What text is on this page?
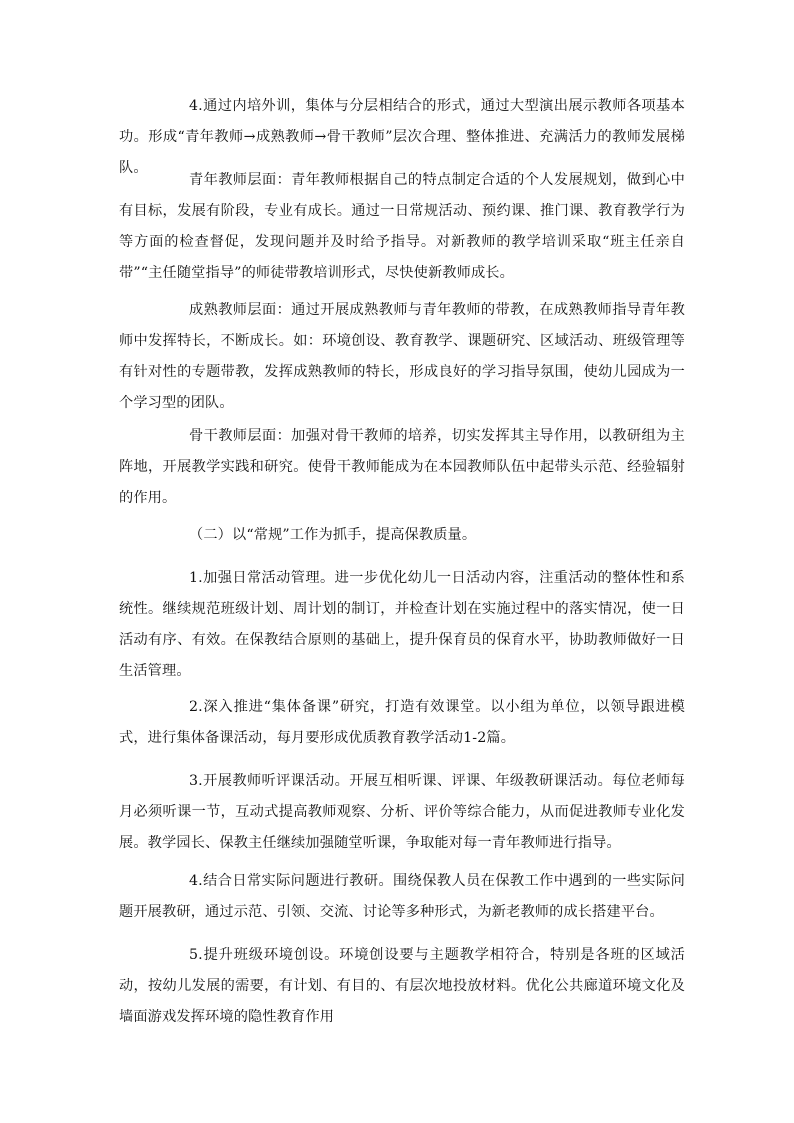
4.通过内培外训，集体与分层相结合的形式，通过大型演出展示教师各项基本功。形成“青年教师→成熟教师→骨干教师”层次合理、整体推进、充满活力的教师发展梯队。

青年教师层面：青年教师根据自己的特点制定合适的个人发展规划，做到心中有目标，发展有阶段，专业有成长。通过一日常规活动、预约课、推门课、教育教学行为等方面的检查督促，发现问题并及时给予指导。对新教师的教学培训采取“班主任亲自带”“主任随堂指导”的师徒带教培训形式，尽快使新教师成长。

成熟教师层面：通过开展成熟教师与青年教师的带教，在成熟教师指导青年教师中发挥特长，不断成长。如：环境创设、教育教学、课题研究、区域活动、班级管理等有针对性的专题带教，发挥成熟教师的特长，形成良好的学习指导氛围，使幼儿园成为一个学习型的团队。

骨干教师层面：加强对骨干教师的培养，切实发挥其主导作用，以教研组为主阵地，开展教学实践和研究。使骨干教师能成为在本园教师队伍中起带头示范、经验辐射的作用。

（二）以“常规”工作为抓手，提高保教质量。

1.加强日常活动管理。进一步优化幼儿一日活动内容，注重活动的整体性和系统性。继续规范班级计划、周计划的制订，并检查计划在实施过程中的落实情况，使一日活动有序、有效。在保教结合原则的基础上，提升保育员的保育水平，协助教师做好一日生活管理。

2.深入推进“集体备课”研究，打造有效课堂。以小组为单位，以领导跟进模式，进行集体备课活动，每月要形成优质教育教学活动1-2篇。

3.开展教师听评课活动。开展互相听课、评课、年级教研课活动。每位老师每月必须听课一节，互动式提高教师观察、分析、评价等综合能力，从而促进教师专业化发展。教学园长、保教主任继续加强随堂听课，争取能对每一青年教师进行指导。

4.结合日常实际问题进行教研。围绕保教人员在保教工作中遇到的一些实际问题开展教研，通过示范、引领、交流、讨论等多种形式，为新老教师的成长搭建平台。

5.提升班级环境创设。环境创设要与主题教学相符合，特别是各班的区域活动，按幼儿发展的需要，有计划、有目的、有层次地投放材料。优化公共廊道环境文化及墙面游戏发挥环境的隐性教育作用
